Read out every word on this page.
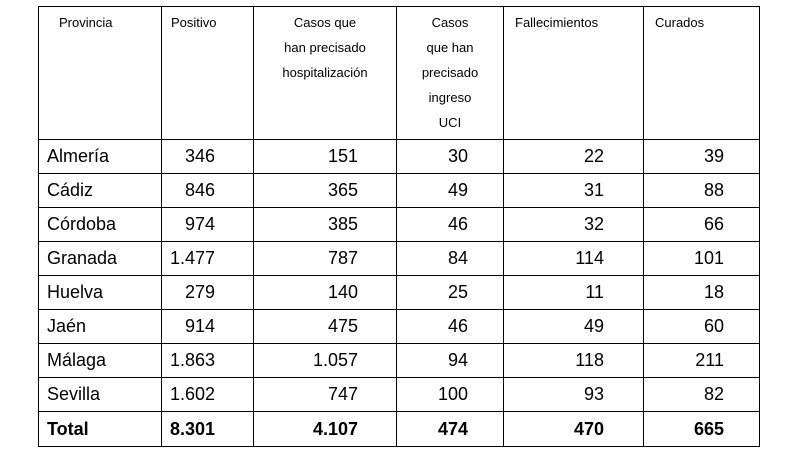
Provincia	Positivo	Casos que
han precisado
hospitalización	Casos
que han
precisado
ingreso
UCI	Fallecimientos	Curados
Almería	346	151	30	22	39
Cádiz	846	365	49	31	88
Córdoba	974	385	46	32	66
Granada	1.477	787	84	114	101
Huelva	279	140	25	11	18
Jaén	914	475	46	49	60
Málaga	1.863	1.057	94	118	211
Sevilla	1.602	747	100	93	82
Total	8.301	4.107	474	470	665
